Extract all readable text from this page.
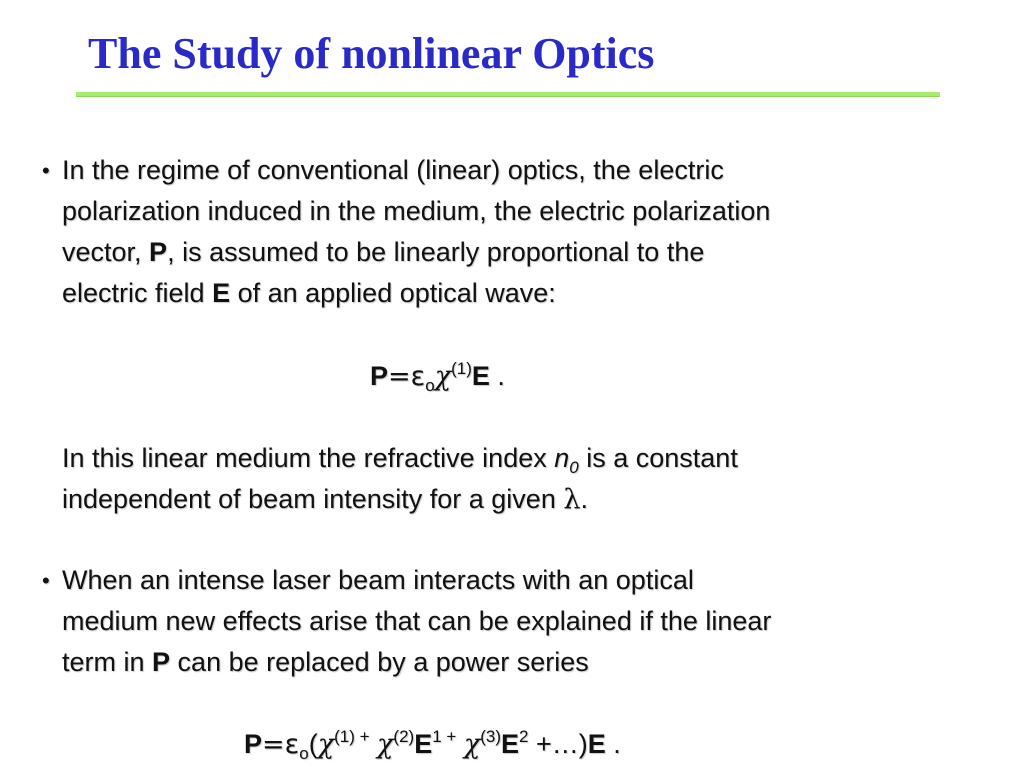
The Study of nonlinear Optics
• In the regime of conventional (linear) optics, the electric
polarization induced in the medium, the electric polarization
vector, P, is assumed to be linearly proportional to the
electric field E of an applied optical wave:
$P=\varepsilon_o\chi^{(1)}E$ .
In this linear medium the refractive index $n_0$ is a constant
independent of beam intensity for a given λ.
• When an intense laser beam interacts with an optical
medium new effects arise that can be explained if the linear
term in P can be replaced by a power series
$P=\varepsilon_o(\chi^{(1) +}$ $\chi^{(2)}E^{1 +}$ $\chi^{(3)}E^2$ +…)E .
